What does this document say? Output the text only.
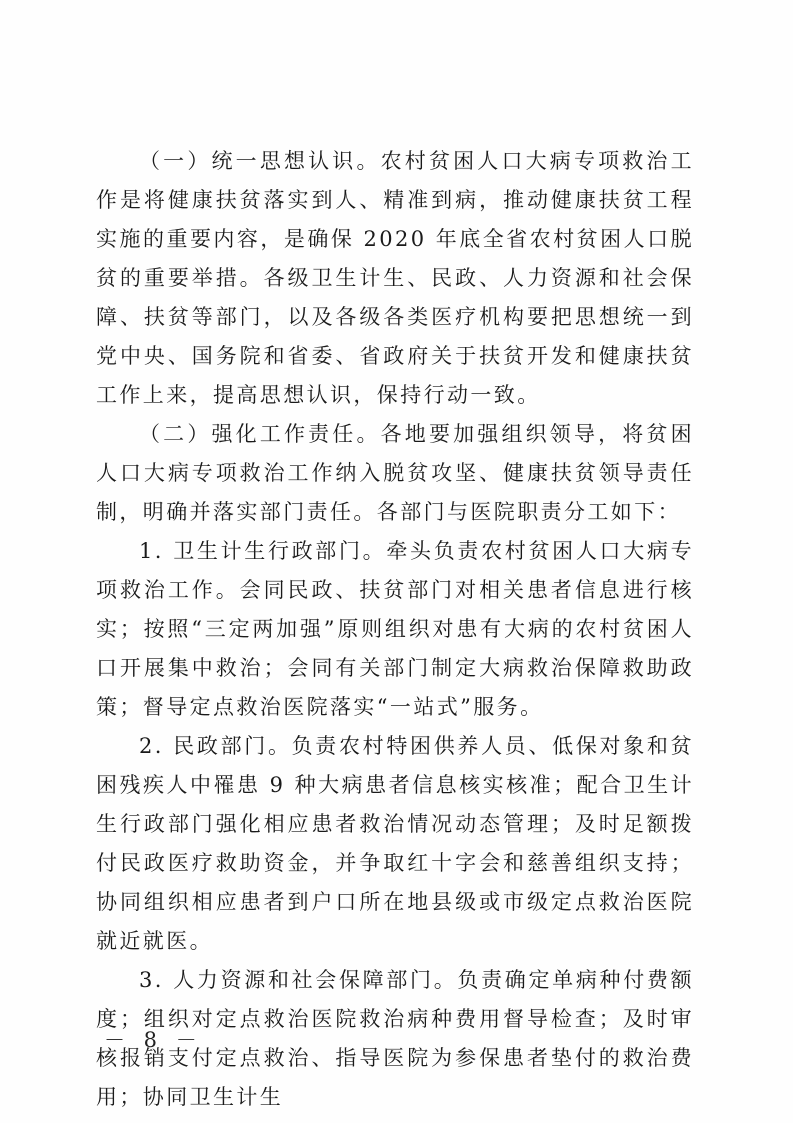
（一）统一思想认识。农村贫困人口大病专项救治工作是将健康扶贫落实到人、精准到病，推动健康扶贫工程实施的重要内容，是确保 2020 年底全省农村贫困人口脱贫的重要举措。各级卫生计生、民政、人力资源和社会保障、扶贫等部门，以及各级各类医疗机构要把思想统一到党中央、国务院和省委、省政府关于扶贫开发和健康扶贫工作上来，提高思想认识，保持行动一致。

（二）强化工作责任。各地要加强组织领导，将贫困人口大病专项救治工作纳入脱贫攻坚、健康扶贫领导责任制，明确并落实部门责任。各部门与医院职责分工如下：

1. 卫生计生行政部门。牵头负责农村贫困人口大病专项救治工作。会同民政、扶贫部门对相关患者信息进行核实；按照“三定两加强”原则组织对患有大病的农村贫困人口开展集中救治；会同有关部门制定大病救治保障救助政策；督导定点救治医院落实“一站式”服务。

2. 民政部门。负责农村特困供养人员、低保对象和贫困残疾人中罹患 9 种大病患者信息核实核准；配合卫生计生行政部门强化相应患者救治情况动态管理；及时足额拨付民政医疗救助资金，并争取红十字会和慈善组织支持；协同组织相应患者到户口所在地县级或市级定点救治医院就近就医。

3. 人力资源和社会保障部门。负责确定单病种付费额度；组织对定点救治医院救治病种费用督导检查；及时审核报销支付定点救治、指导医院为参保患者垫付的救治费用；协同卫生计生

－ 8 －
